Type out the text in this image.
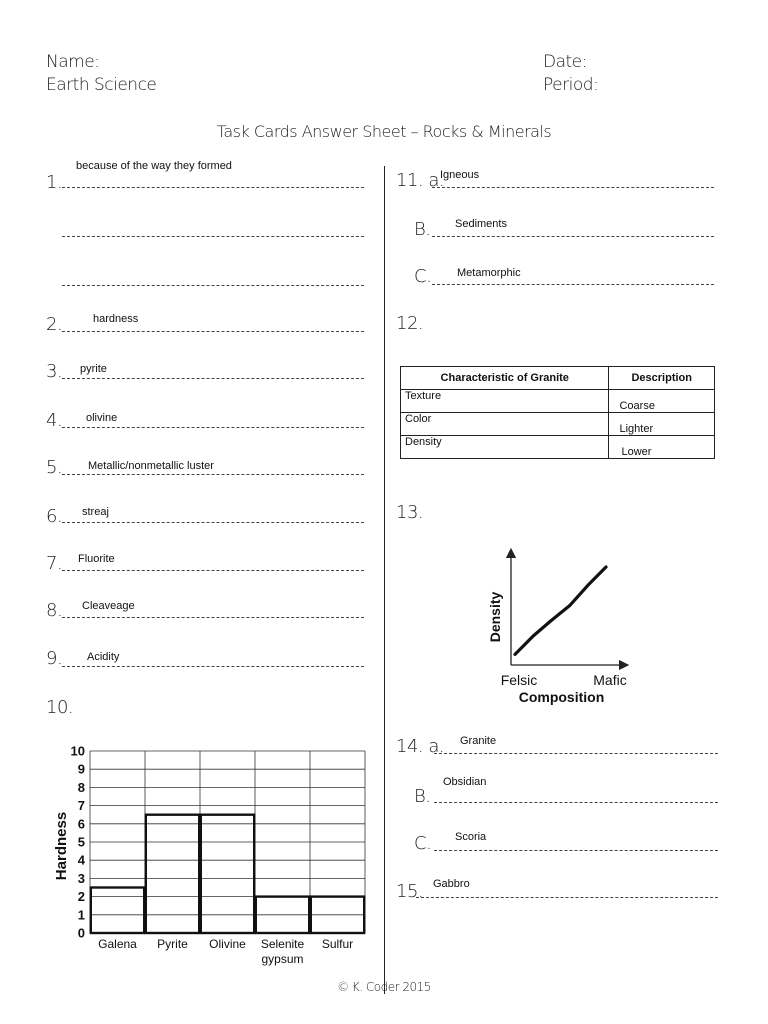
Name:
Earth Science
Date:
Period:
Task Cards Answer Sheet – Rocks & Minerals
1.
because of the way they formed
2.	hardness
3. pyrite
4. olivine
5. Metallic/nonmetallic luster
6. streaj
7. Fluorite
8. Cleaveage
9. Acidity
10.
0
1
2
3
4
5
6
7
8
9
10
Galena Pyrite Olivine Selenite
gypsum
Sulfur
Hardness
11. a.
Igneous
B. Sediments
C. Metamorphic
12.
Characteristic of Granite	Description
Texture	Coarse
Color	Lighter
Density	Lower
13.
Felsic	Mafic
Composition
Density
14. a. Granite
B.
Obsidian
C. Scoria
15. Gabbro
© K. Coder 2015
